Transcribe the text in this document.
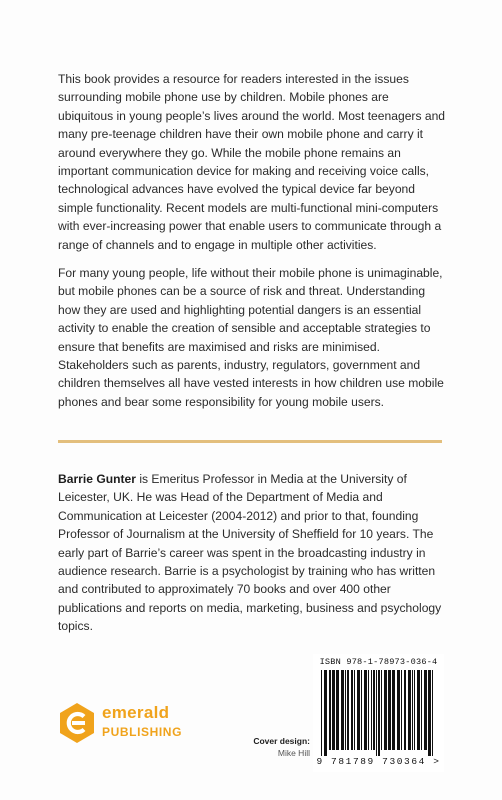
This book provides a resource for readers interested in the issues surrounding mobile phone use by children. Mobile phones are ubiquitous in young people’s lives around the world. Most teenagers and many pre-teenage children have their own mobile phone and carry it around everywhere they go. While the mobile phone remains an important communication device for making and receiving voice calls, technological advances have evolved the typical device far beyond simple functionality. Recent models are multi-functional mini-computers with ever-increasing power that enable users to communicate through a range of channels and to engage in multiple other activities.

For many young people, life without their mobile phone is unimaginable, but mobile phones can be a source of risk and threat. Understanding how they are used and highlighting potential dangers is an essential activity to enable the creation of sensible and acceptable strategies to ensure that benefits are maximised and risks are minimised. Stakeholders such as parents, industry, regulators, government and children themselves all have vested interests in how children use mobile phones and bear some responsibility for young mobile users.

Barrie Gunter is Emeritus Professor in Media at the University of Leicester, UK. He was Head of the Department of Media and Communication at Leicester (2004-2012) and prior to that, founding Professor of Journalism at the University of Sheffield for 10 years. The early part of Barrie’s career was spent in the broadcasting industry in audience research. Barrie is a psychologist by training who has written and contributed to approximately 70 books and over 400 other publications and reports on media, marketing, business and psychology topics.

emerald
PUBLISHING
Cover design:
Mike Hill
ISBN 978-1-78973-036-4
9 781789 730364 >
